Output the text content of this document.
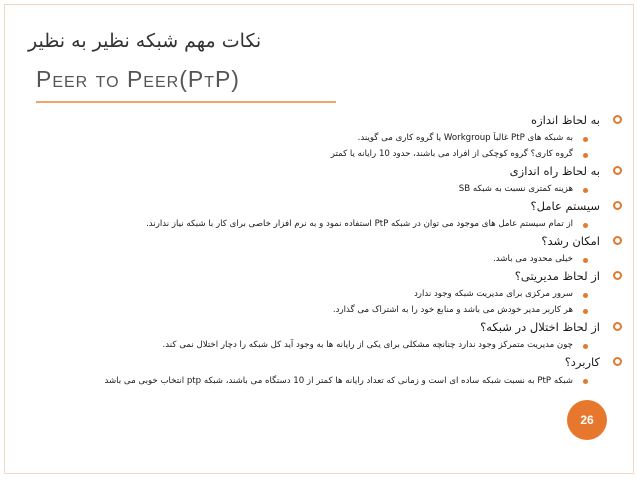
نکات مهم شبکه نظیر به نظیر
Peer to Peer(PtP)
به لحاظ اندازه
به شبکه های PtP غالباً Workgroup یا گروه کاری می گویند.
گروه کاری؟ گروه کوچکی از افراد می باشند، حدود 10 رایانه یا کمتر
به لحاظ راه اندازی
هزینه کمتری نسبت به شبکه SB
سیستم عامل؟
از تمام سیستم عامل های موجود می توان در شبکه PtP استفاده نمود و به نرم افزار خاصی برای کار با شبکه نیاز ندارند.
امکان رشد؟
خیلی محدود می باشد.
از لحاظ مدیریتی؟
سرور مرکزی برای مدیریت شبکه وجود ندارد
هر کاربر مدیر خودش می باشد و منابع خود را به اشتراک می گذارد.
از لحاظ اختلال در شبکه؟
چون مدیریت متمرکز وجود ندارد چنانچه مشکلی برای یکی از رایانه ها به وجود آید کل شبکه را دچار اختلال نمی کند.
کاربرد؟
شبکه PtP به نسبت شبکه ساده ای است و زمانی که تعداد رایانه ها کمتر از 10 دستگاه می باشند، شبکه ptp انتخاب خوبی می باشد
26
